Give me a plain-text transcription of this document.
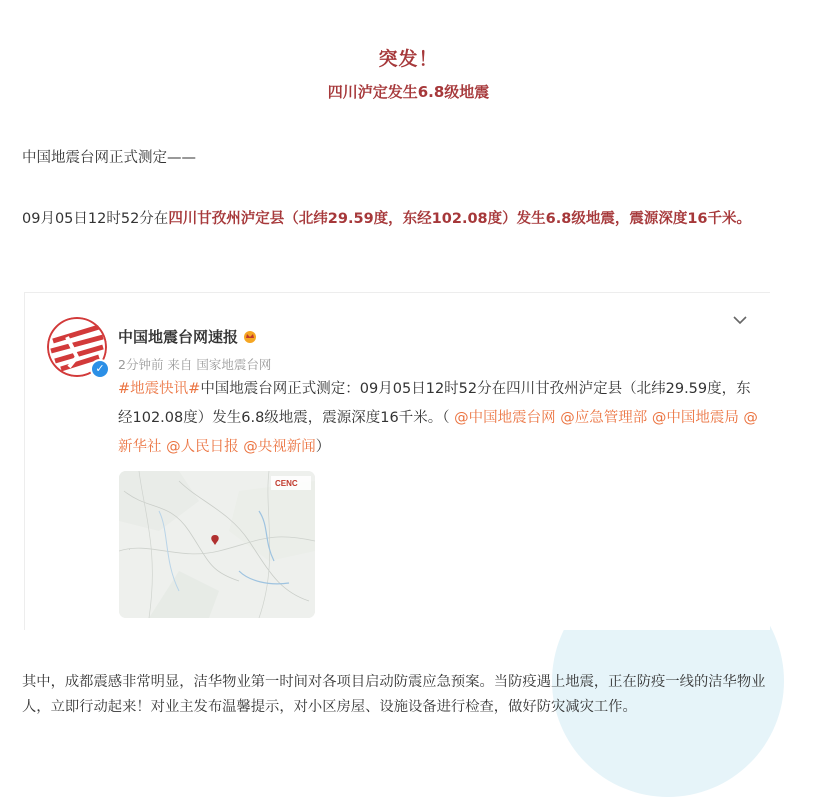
突发！
四川泸定发生6.8级地震
中国地震台网正式测定——
09月05日12时52分在四川甘孜州泸定县（北纬29.59度，东经102.08度）发生6.8级地震，震源深度16千米。
✓
中国地震台网速报
2分钟前 来自 国家地震台网
#地震快讯#中国地震台网正式测定：09月05日12时52分在四川甘孜州泸定县（北纬29.59度，东经102.08度）发生6.8级地震，震源深度16千米。（ @中国地震台网 @应急管理部 @中国地震局 @新华社 @人民日报 @央视新闻）
CENC
·
其中，成都震感非常明显，洁华物业第一时间对各项目启动防震应急预案。当防疫遇上地震，正在防疫一线的洁华物业人，立即行动起来！对业主发布温馨提示，对小区房屋、设施设备进行检查，做好防灾减灾工作。
